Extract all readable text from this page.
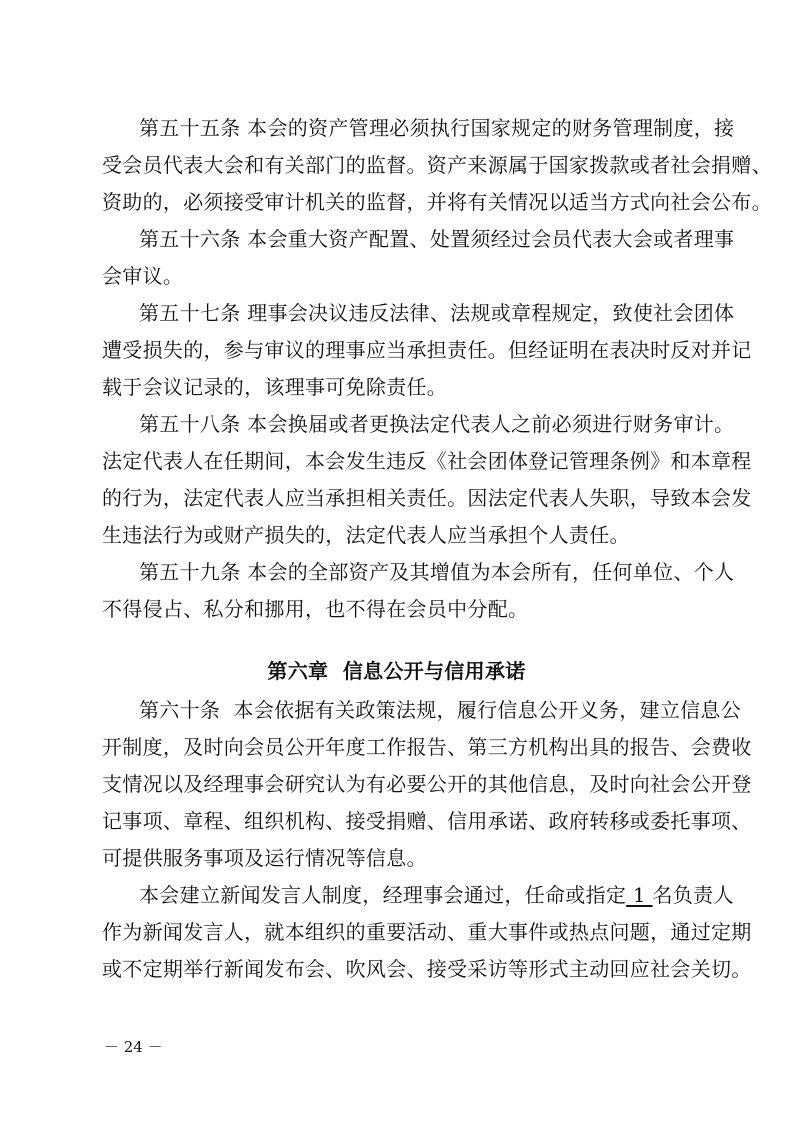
第五十五条 本会的资产管理必须执行国家规定的财务管理制度，接
受会员代表大会和有关部门的监督。资产来源属于国家拨款或者社会捐赠、
资助的，必须接受审计机关的监督，并将有关情况以适当方式向社会公布。
第五十六条 本会重大资产配置、处置须经过会员代表大会或者理事
会审议。
第五十七条 理事会决议违反法律、法规或章程规定，致使社会团体
遭受损失的，参与审议的理事应当承担责任。但经证明在表决时反对并记
载于会议记录的，该理事可免除责任。
第五十八条 本会换届或者更换法定代表人之前必须进行财务审计。
法定代表人在任期间，本会发生违反《社会团体登记管理条例》和本章程
的行为，法定代表人应当承担相关责任。因法定代表人失职，导致本会发
生违法行为或财产损失的，法定代表人应当承担个人责任。
第五十九条 本会的全部资产及其增值为本会所有，任何单位、个人
不得侵占、私分和挪用，也不得在会员中分配。
第六章  信息公开与信用承诺
第六十条  本会依据有关政策法规，履行信息公开义务，建立信息公
开制度，及时向会员公开年度工作报告、第三方机构出具的报告、会费收
支情况以及经理事会研究认为有必要公开的其他信息，及时向社会公开登
记事项、章程、组织机构、接受捐赠、信用承诺、政府转移或委托事项、
可提供服务事项及运行情况等信息。
本会建立新闻发言人制度，经理事会通过，任命或指定 1 名负责人
作为新闻发言人，就本组织的重要活动、重大事件或热点问题，通过定期
或不定期举行新闻发布会、吹风会、接受采访等形式主动回应社会关切。
－ 24 －
